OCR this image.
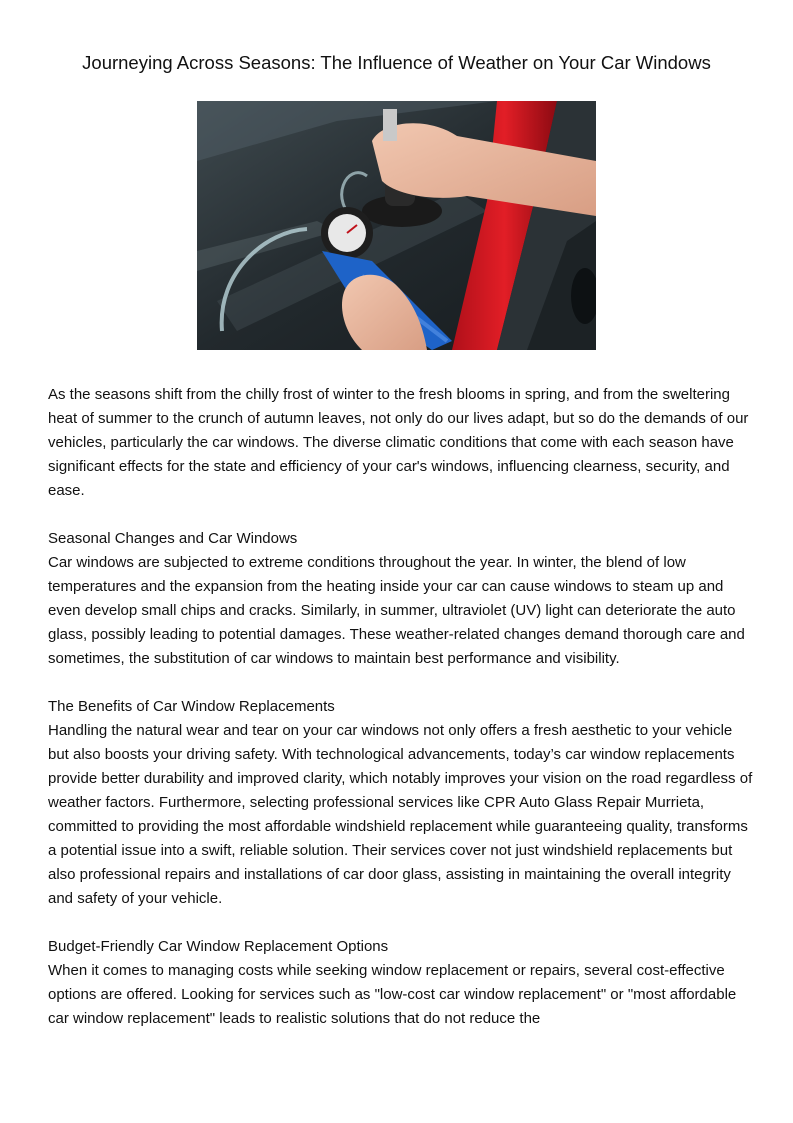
Journeying Across Seasons: The Influence of Weather on Your Car Windows

As the seasons shift from the chilly frost of winter to the fresh blooms in spring, and from the sweltering heat of summer to the crunch of autumn leaves, not only do our lives adapt, but so do the demands of our vehicles, particularly the car windows. The diverse climatic conditions that come with each season have significant effects for the state and efficiency of your car's windows, influencing clearness, security, and ease.

Seasonal Changes and Car Windows

Car windows are subjected to extreme conditions throughout the year. In winter, the blend of low temperatures and the expansion from the heating inside your car can cause windows to steam up and even develop small chips and cracks. Similarly, in summer, ultraviolet (UV) light can deteriorate the auto glass, possibly leading to potential damages. These weather-related changes demand thorough care and sometimes, the substitution of car windows to maintain best performance and visibility.

The Benefits of Car Window Replacements

Handling the natural wear and tear on your car windows not only offers a fresh aesthetic to your vehicle but also boosts your driving safety. With technological advancements, today’s car window replacements provide better durability and improved clarity, which notably improves your vision on the road regardless of weather factors. Furthermore, selecting professional services like CPR Auto Glass Repair Murrieta, committed to providing the most affordable windshield replacement while guaranteeing quality, transforms a potential issue into a swift, reliable solution. Their services cover not just windshield replacements but also professional repairs and installations of car door glass, assisting in maintaining the overall integrity and safety of your vehicle.

Budget-Friendly Car Window Replacement Options

When it comes to managing costs while seeking window replacement or repairs, several cost-effective options are offered. Looking for services such as "low-cost car window replacement" or "most affordable car window replacement" leads to realistic solutions that do not reduce the
